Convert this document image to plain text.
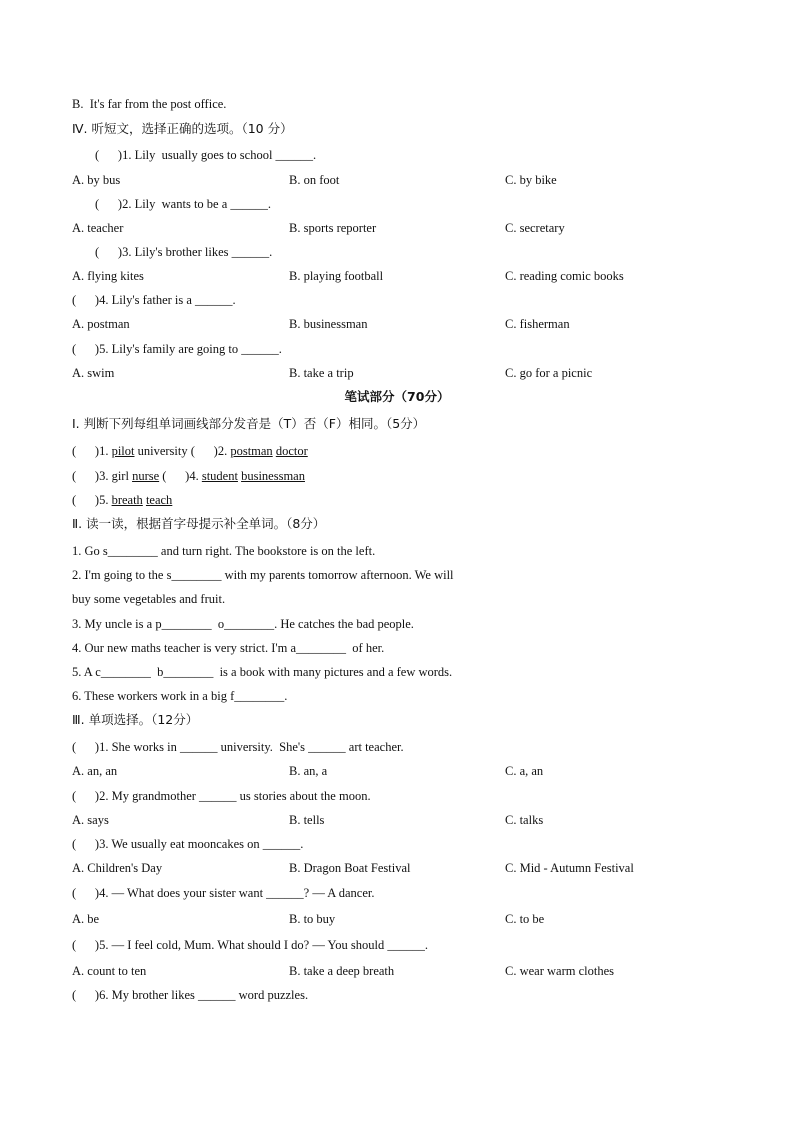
B.  It's far from the post office.
Ⅳ. 听短文，选择正确的选项。（10 分）
(      )1. Lily  usually goes to school ______.
A. by bus	B. on foot	C. by bike
(      )2. Lily  wants to be a ______.
A. teacher	B. sports reporter	C. secretary
(      )3. Lily's brother likes ______.
A. flying kites	B. playing football	C. reading comic books
(      )4. Lily's father is a ______.
A. postman	B. businessman	C. fisherman
(      )5. Lily's family are going to ______.
A. swim	B. take a trip	C. go for a picnic
笔试部分（70分）
Ⅰ. 判断下列每组单词画线部分发音是（T）否（F）相同。（5分）
(      )1. pilot university (      )2. postman doctor
(      )3. girl nurse (      )4. student businessman
(      )5. breath teach
Ⅱ. 读一读，根据首字母提示补全单词。（8分）
1. Go s________ and turn right. The bookstore is on the left.
2. I'm going to the s________ with my parents tomorrow afternoon. We will
buy some vegetables and fruit.
3. My uncle is a p________  o________. He catches the bad people.
4. Our new maths teacher is very strict. I'm a________  of her.
5. A c________  b________  is a book with many pictures and a few words.
6. These workers work in a big f________.
Ⅲ. 单项选择。（12分）
(      )1. She works in ______ university.  She's ______ art teacher.
A. an, an	B. an, a	C. a, an
(      )2. My grandmother ______ us stories about the moon.
A. says	B. tells	C. talks
(      )3. We usually eat mooncakes on ______.
A. Children's Day	B. Dragon Boat Festival	C. Mid - Autumn Festival
(      )4. — What does your sister want ______? — A dancer.
A. be	B. to buy	C. to be
(      )5. — I feel cold, Mum. What should I do? — You should ______.
A. count to ten	B. take a deep breath	C. wear warm clothes
(      )6. My brother likes ______ word puzzles.
